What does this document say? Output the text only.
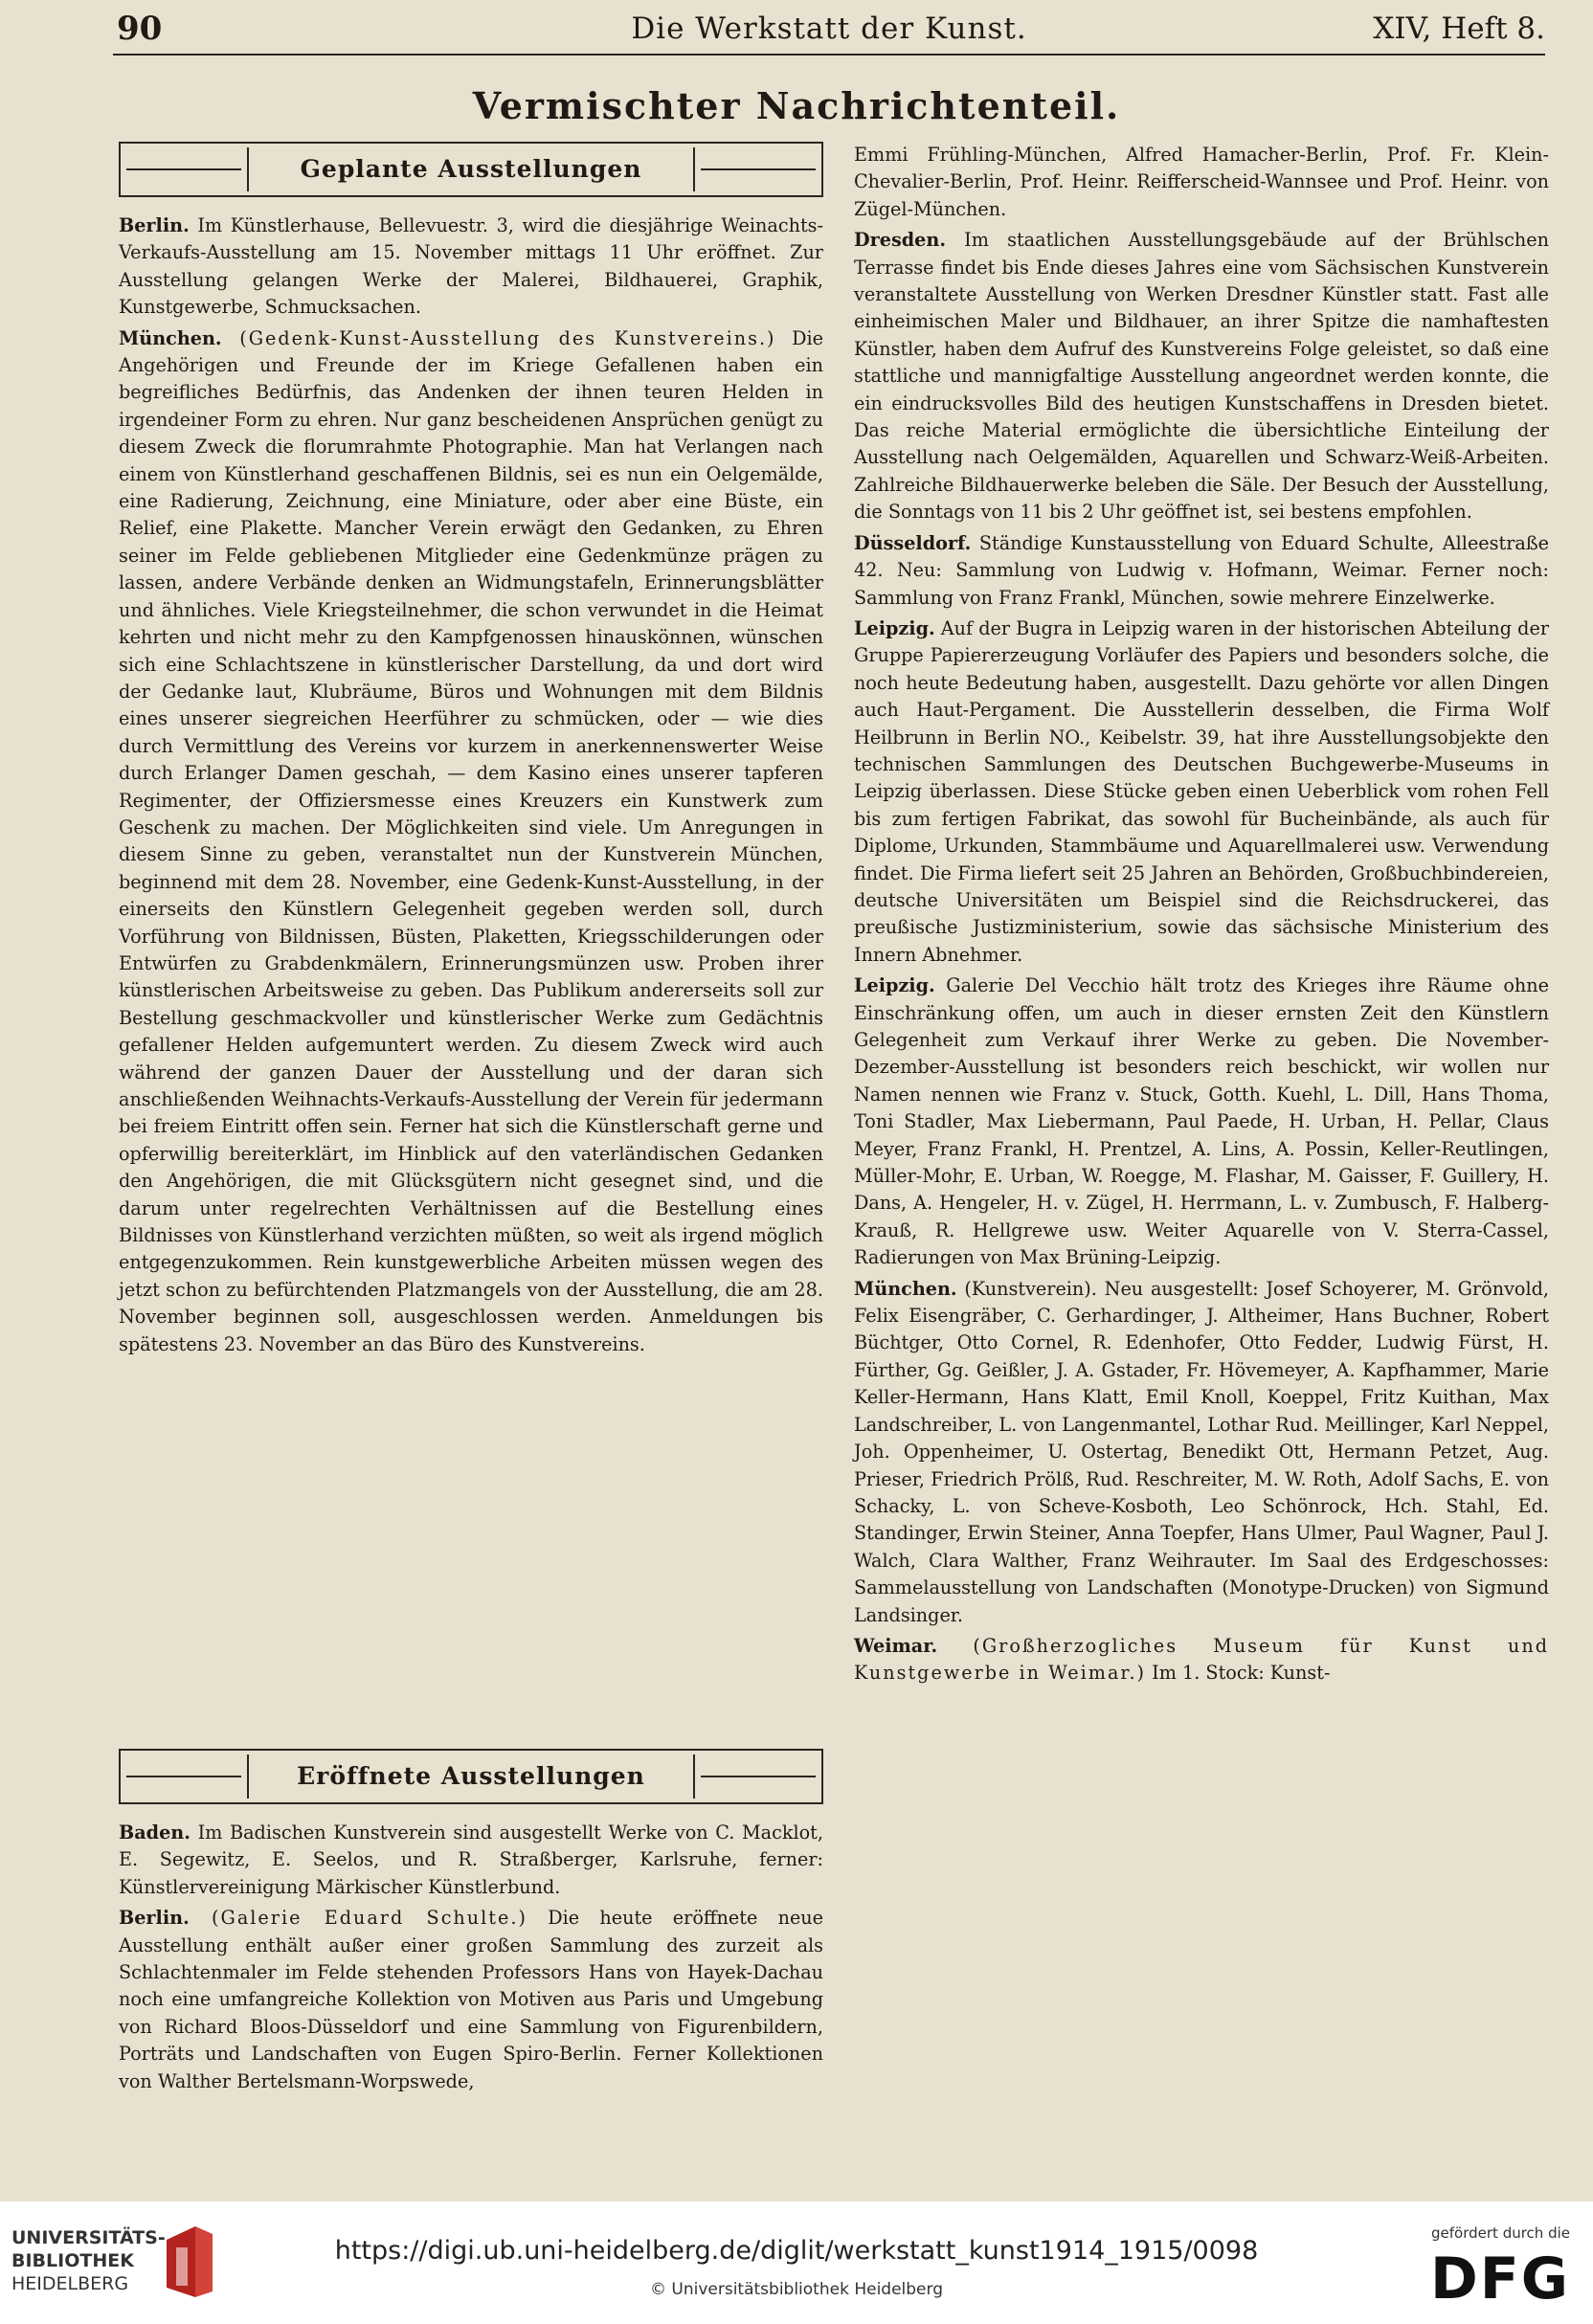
90	Die Werkstatt der Kunst.	XIV, Heft 8.
Vermischter Nachrichtenteil.
Geplante Ausstellungen

Berlin. Im Künstlerhause, Bellevuestr. 3, wird die diesjährige Weinachts-Verkaufs-Ausstellung am 15. November mittags 11 Uhr eröffnet. Zur Ausstellung gelangen Werke der Malerei, Bildhauerei, Graphik, Kunstgewerbe, Schmucksachen.

München. (Gedenk-Kunst-Ausstellung des Kunstvereins.) Die Angehörigen und Freunde der im Kriege Gefallenen haben ein begreifliches Bedürfnis, das Andenken der ihnen teuren Helden in irgendeiner Form zu ehren. Nur ganz bescheidenen Ansprüchen genügt zu diesem Zweck die florumrahmte Photographie. Man hat Verlangen nach einem von Künstlerhand geschaffenen Bildnis, sei es nun ein Oelgemälde, eine Radierung, Zeichnung, eine Miniature, oder aber eine Büste, ein Relief, eine Plakette. Mancher Verein erwägt den Gedanken, zu Ehren seiner im Felde gebliebenen Mitglieder eine Gedenkmünze prägen zu lassen, andere Verbände denken an Widmungstafeln, Erinnerungsblätter und ähnliches. Viele Kriegsteilnehmer, die schon verwundet in die Heimat kehrten und nicht mehr zu den Kampfgenossen hinauskönnen, wünschen sich eine Schlachtszene in künstlerischer Darstellung, da und dort wird der Gedanke laut, Klubräume, Büros und Wohnungen mit dem Bildnis eines unserer siegreichen Heerführer zu schmücken, oder — wie dies durch Vermittlung des Vereins vor kurzem in anerkennenswerter Weise durch Erlanger Damen geschah, — dem Kasino eines unserer tapferen Regimenter, der Offiziersmesse eines Kreuzers ein Kunstwerk zum Geschenk zu machen. Der Möglichkeiten sind viele. Um Anregungen in diesem Sinne zu geben, veranstaltet nun der Kunstverein München, beginnend mit dem 28. November, eine Gedenk-Kunst-Ausstellung, in der einerseits den Künstlern Gelegenheit gegeben werden soll, durch Vorführung von Bildnissen, Büsten, Plaketten, Kriegsschilderungen oder Entwürfen zu Grabdenkmälern, Erinnerungsmünzen usw. Proben ihrer künstlerischen Arbeitsweise zu geben. Das Publikum andererseits soll zur Bestellung geschmackvoller und künstlerischer Werke zum Gedächtnis gefallener Helden aufgemuntert werden. Zu diesem Zweck wird auch während der ganzen Dauer der Ausstellung und der daran sich anschließenden Weihnachts-Verkaufs-Ausstellung der Verein für jedermann bei freiem Eintritt offen sein. Ferner hat sich die Künstlerschaft gerne und opferwillig bereiterklärt, im Hinblick auf den vaterländischen Gedanken den Angehörigen, die mit Glücksgütern nicht gesegnet sind, und die darum unter regelrechten Verhältnissen auf die Bestellung eines Bildnisses von Künstlerhand verzichten müßten, so weit als irgend möglich entgegenzukommen. Rein kunstgewerbliche Arbeiten müssen wegen des jetzt schon zu befürchtenden Platzmangels von der Ausstellung, die am 28. November beginnen soll, ausgeschlossen werden. Anmeldungen bis spätestens 23. November an das Büro des Kunstvereins.

Eröffnete Ausstellungen

Baden. Im Badischen Kunstverein sind ausgestellt Werke von C. Macklot, E. Segewitz, E. Seelos, und R. Straßberger, Karlsruhe, ferner: Künstlervereinigung Märkischer Künstlerbund.

Berlin. (Galerie Eduard Schulte.) Die heute eröffnete neue Ausstellung enthält außer einer großen Sammlung des zurzeit als Schlachtenmaler im Felde stehenden Professors Hans von Hayek-Dachau noch eine umfangreiche Kollektion von Motiven aus Paris und Umgebung von Richard Bloos-Düsseldorf und eine Sammlung von Figurenbildern, Porträts und Landschaften von Eugen Spiro-Berlin. Ferner Kollektionen von Walther Bertelsmann-Worpswede,

Emmi Frühling-München, Alfred Hamacher-Berlin, Prof. Fr. Klein-Chevalier-Berlin, Prof. Heinr. Reifferscheid-Wannsee und Prof. Heinr. von Zügel-München.

Dresden. Im staatlichen Ausstellungsgebäude auf der Brühlschen Terrasse findet bis Ende dieses Jahres eine vom Sächsischen Kunstverein veranstaltete Ausstellung von Werken Dresdner Künstler statt. Fast alle einheimischen Maler und Bildhauer, an ihrer Spitze die namhaftesten Künstler, haben dem Aufruf des Kunstvereins Folge geleistet, so daß eine stattliche und mannigfaltige Ausstellung angeordnet werden konnte, die ein eindrucksvolles Bild des heutigen Kunstschaffens in Dresden bietet. Das reiche Material ermöglichte die übersichtliche Einteilung der Ausstellung nach Oelgemälden, Aquarellen und Schwarz-Weiß-Arbeiten. Zahlreiche Bildhauerwerke beleben die Säle. Der Besuch der Ausstellung, die Sonntags von 11 bis 2 Uhr geöffnet ist, sei bestens empfohlen.

Düsseldorf. Ständige Kunstausstellung von Eduard Schulte, Alleestraße 42. Neu: Sammlung von Ludwig v. Hofmann, Weimar. Ferner noch: Sammlung von Franz Frankl, München, sowie mehrere Einzelwerke.

Leipzig. Auf der Bugra in Leipzig waren in der historischen Abteilung der Gruppe Papiererzeugung Vorläufer des Papiers und besonders solche, die noch heute Bedeutung haben, ausgestellt. Dazu gehörte vor allen Dingen auch Haut-Pergament. Die Ausstellerin desselben, die Firma Wolf Heilbrunn in Berlin NO., Keibelstr. 39, hat ihre Ausstellungsobjekte den technischen Sammlungen des Deutschen Buchgewerbe-Museums in Leipzig überlassen. Diese Stücke geben einen Ueberblick vom rohen Fell bis zum fertigen Fabrikat, das sowohl für Bucheinbände, als auch für Diplome, Urkunden, Stammbäume und Aquarellmalerei usw. Verwendung findet. Die Firma liefert seit 25 Jahren an Behörden, Großbuchbindereien, deutsche Universitäten um Beispiel sind die Reichsdruckerei, das preußische Justizministerium, sowie das sächsische Ministerium des Innern Abnehmer.

Leipzig. Galerie Del Vecchio hält trotz des Krieges ihre Räume ohne Einschränkung offen, um auch in dieser ernsten Zeit den Künstlern Gelegenheit zum Verkauf ihrer Werke zu geben. Die November-Dezember-Ausstellung ist besonders reich beschickt, wir wollen nur Namen nennen wie Franz v. Stuck, Gotth. Kuehl, L. Dill, Hans Thoma, Toni Stadler, Max Liebermann, Paul Paede, H. Urban, H. Pellar, Claus Meyer, Franz Frankl, H. Prentzel, A. Lins, A. Possin, Keller-Reutlingen, Müller-Mohr, E. Urban, W. Roegge, M. Flashar, M. Gaisser, F. Guillery, H. Dans, A. Hengeler, H. v. Zügel, H. Herrmann, L. v. Zumbusch, F. Halberg-Krauß, R. Hellgrewe usw. Weiter Aquarelle von V. Sterra-Cassel, Radierungen von Max Brüning-Leipzig.

München. (Kunstverein). Neu ausgestellt: Josef Schoyerer, M. Grönvold, Felix Eisengräber, C. Gerhardinger, J. Altheimer, Hans Buchner, Robert Büchtger, Otto Cornel, R. Edenhofer, Otto Fedder, Ludwig Fürst, H. Fürther, Gg. Geißler, J. A. Gstader, Fr. Hövemeyer, A. Kapfhammer, Marie Keller-Hermann, Hans Klatt, Emil Knoll, Koeppel, Fritz Kuithan, Max Landschreiber, L. von Langenmantel, Lothar Rud. Meillinger, Karl Neppel, Joh. Oppenheimer, U. Ostertag, Benedikt Ott, Hermann Petzet, Aug. Prieser, Friedrich Prölß, Rud. Reschreiter, M. W. Roth, Adolf Sachs, E. von Schacky, L. von Scheve-Kosboth, Leo Schönrock, Hch. Stahl, Ed. Standinger, Erwin Steiner, Anna Toepfer, Hans Ulmer, Paul Wagner, Paul J. Walch, Clara Walther, Franz Weihrauter. Im Saal des Erdgeschosses: Sammelausstellung von Landschaften (Monotype-Drucken) von Sigmund Landsinger.

Weimar. (Großherzogliches Museum für Kunst und Kunstgewerbe in Weimar.) Im 1. Stock: Kunst-

UNIVERSITÄTS-
BIBLIOTHEK
HEIDELBERG
https://digi.ub.uni-heidelberg.de/diglit/werkstatt_kunst1914_1915/0098
© Universitätsbibliothek Heidelberg
gefördert durch die
DFG
